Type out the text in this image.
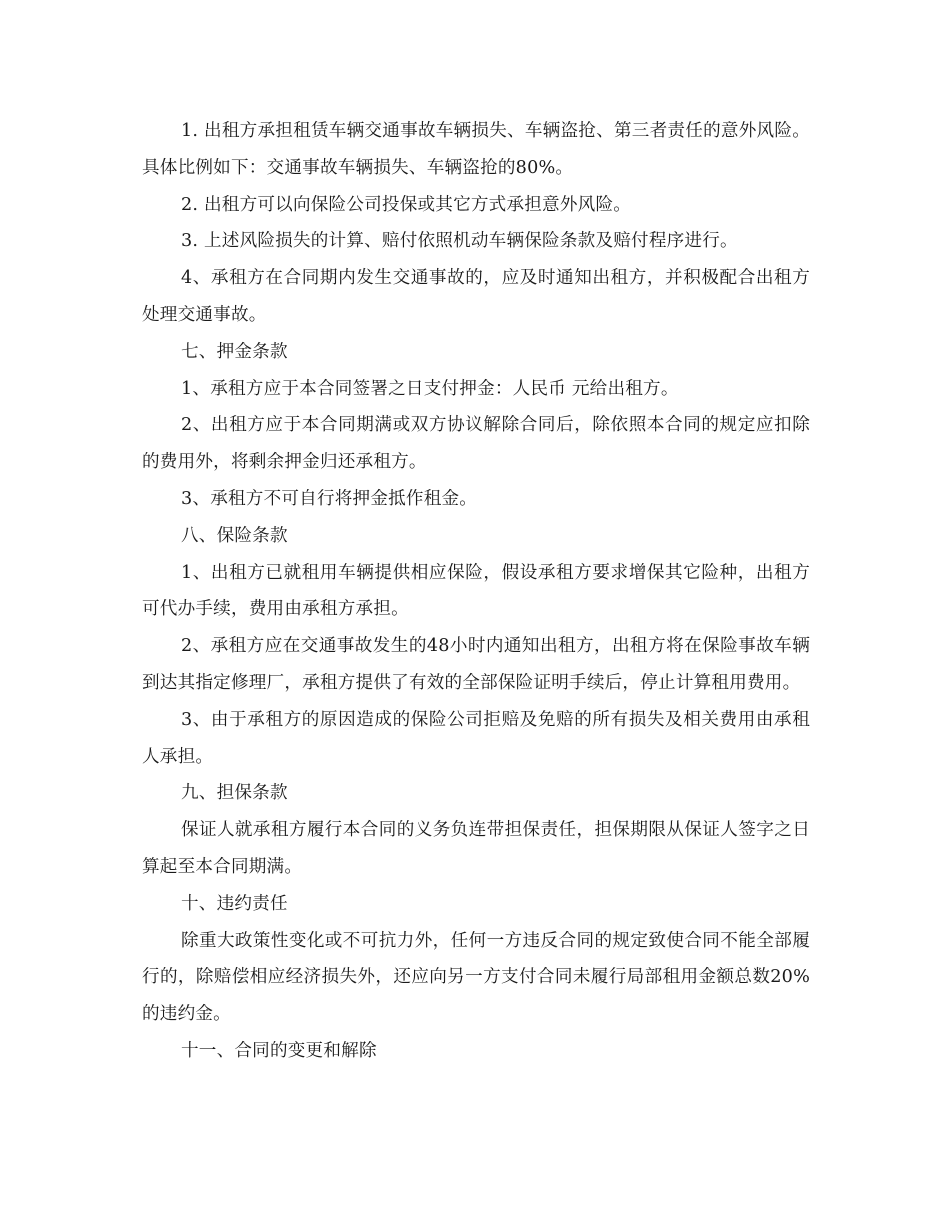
1. 出租方承担租赁车辆交通事故车辆损失、车辆盗抢、第三者责任的意外风险。具体比例如下：交通事故车辆损失、车辆盗抢的80%。

2. 出租方可以向保险公司投保或其它方式承担意外风险。

3. 上述风险损失的计算、赔付依照机动车辆保险条款及赔付程序进行。

4、承租方在合同期内发生交通事故的，应及时通知出租方，并积极配合出租方处理交通事故。

七、押金条款

1、承租方应于本合同签署之日支付押金：人民币 元给出租方。

2、出租方应于本合同期满或双方协议解除合同后，除依照本合同的规定应扣除的费用外，将剩余押金归还承租方。

3、承租方不可自行将押金抵作租金。

八、保险条款

1、出租方已就租用车辆提供相应保险，假设承租方要求增保其它险种，出租方可代办手续，费用由承租方承担。

2、承租方应在交通事故发生的48小时内通知出租方，出租方将在保险事故车辆到达其指定修理厂，承租方提供了有效的全部保险证明手续后，停止计算租用费用。

3、由于承租方的原因造成的保险公司拒赔及免赔的所有损失及相关费用由承租人承担。

九、担保条款

保证人就承租方履行本合同的义务负连带担保责任，担保期限从保证人签字之日算起至本合同期满。

十、违约责任

除重大政策性变化或不可抗力外，任何一方违反合同的规定致使合同不能全部履行的，除赔偿相应经济损失外，还应向另一方支付合同未履行局部租用金额总数20%的违约金。

十一、合同的变更和解除
